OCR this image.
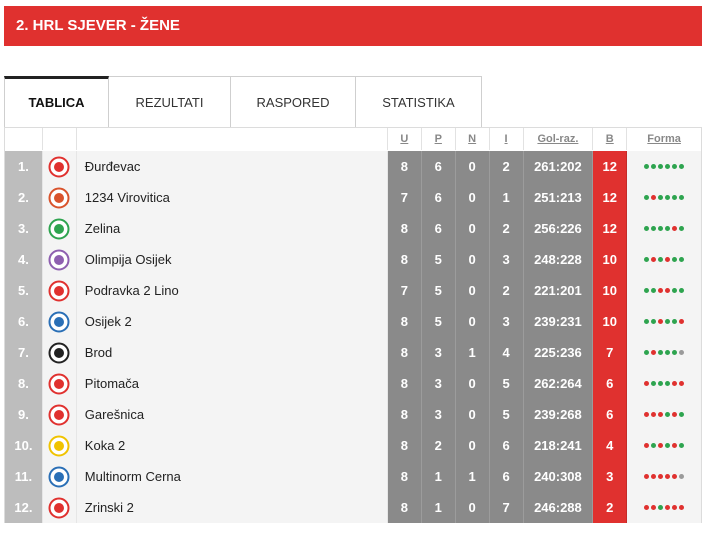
2. HRL SJEVER - ŽENE
TABLICA	REZULTATI	RASPORED	STATISTIKA
U	P	N	I	Gol-raz.	B	Forma
1.	Đurđevac	8	6	0	2	261:202	12
2.	1234 Virovitica	7	6	0	1	251:213	12
3.	Zelina	8	6	0	2	256:226	12
4.	Olimpija Osijek	8	5	0	3	248:228	10
5.	Podravka 2 Lino	7	5	0	2	221:201	10
6.	Osijek 2	8	5	0	3	239:231	10
7.	Brod	8	3	1	4	225:236	7
8.	Pitomača	8	3	0	5	262:264	6
9.	Garešnica	8	3	0	5	239:268	6
10.	Koka 2	8	2	0	6	218:241	4
11.	Multinorm Cerna	8	1	1	6	240:308	3
12.	Zrinski 2	8	1	0	7	246:288	2
